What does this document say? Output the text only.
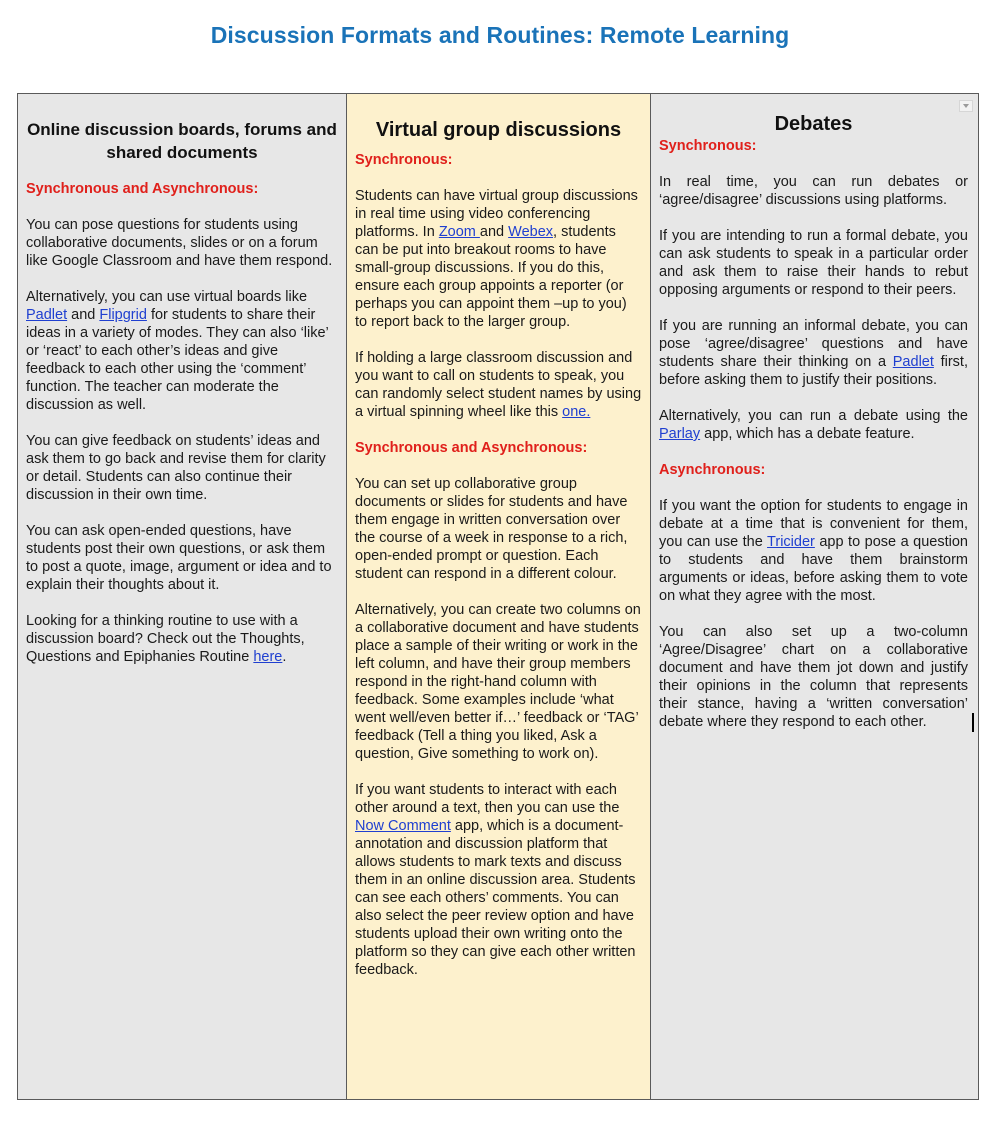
Discussion Formats and Routines: Remote Learning
Online discussion boards, forums and shared documents
Synchronous and Asynchronous:

You can pose questions for students using collaborative documents, slides or on a forum like Google Classroom and have them respond.

Alternatively, you can use virtual boards like Padlet and Flipgrid for students to share their ideas in a variety of modes. They can also ‘like’ or ‘react’ to each other’s ideas and give feedback to each other using the ‘comment’ function. The teacher can moderate the discussion as well.

You can give feedback on students’ ideas and ask them to go back and revise them for clarity or detail. Students can also continue their discussion in their own time.

You can ask open-ended questions, have students post their own questions, or ask them to post a quote, image, argument or idea and to explain their thoughts about it.

Looking for a thinking routine to use with a discussion board? Check out the Thoughts, Questions and Epiphanies Routine here.

Virtual group discussions
Synchronous:

Students can have virtual group discussions in real time using video conferencing platforms. In Zoom and Webex, students can be put into breakout rooms to have small-group discussions. If you do this, ensure each group appoints a reporter (or perhaps you can appoint them –up to you) to report back to the larger group.

If holding a large classroom discussion and you want to call on students to speak, you can randomly select student names by using a virtual spinning wheel like this one.

Synchronous and Asynchronous:

You can set up collaborative group documents or slides for students and have them engage in written conversation over the course of a week in response to a rich, open-ended prompt or question. Each student can respond in a different colour.

Alternatively, you can create two columns on a collaborative document and have students place a sample of their writing or work in the left column, and have their group members respond in the right-hand column with feedback. Some examples include ‘what went well/even better if…’ feedback or ‘TAG’ feedback (Tell a thing you liked, Ask a question, Give something to work on).

If you want students to interact with each other around a text, then you can use the Now Comment app, which is a document-annotation and discussion platform that allows students to mark texts and discuss them in an online discussion area. Students can see each others’ comments. You can also select the peer review option and have students upload their own writing onto the platform so they can give each other written feedback.

Debates
Synchronous:

In real time, you can run debates or ‘agree/disagree’ discussions using platforms.

If you are intending to run a formal debate, you can ask students to speak in a particular order and ask them to raise their hands to rebut opposing arguments or respond to their peers.

If you are running an informal debate, you can pose ‘agree/disagree’ questions and have students share their thinking on a Padlet first, before asking them to justify their positions.

Alternatively, you can run a debate using the Parlay app, which has a debate feature.

Asynchronous:

If you want the option for students to engage in debate at a time that is convenient for them, you can use the Tricider app to pose a question to students and have them brainstorm arguments or ideas, before asking them to vote on what they agree with the most.

You can also set up a two-column ‘Agree/Disagree’ chart on a collaborative document and have them jot down and justify their opinions in the column that represents their stance, having a ‘written conversation’ debate where they respond to each other.
